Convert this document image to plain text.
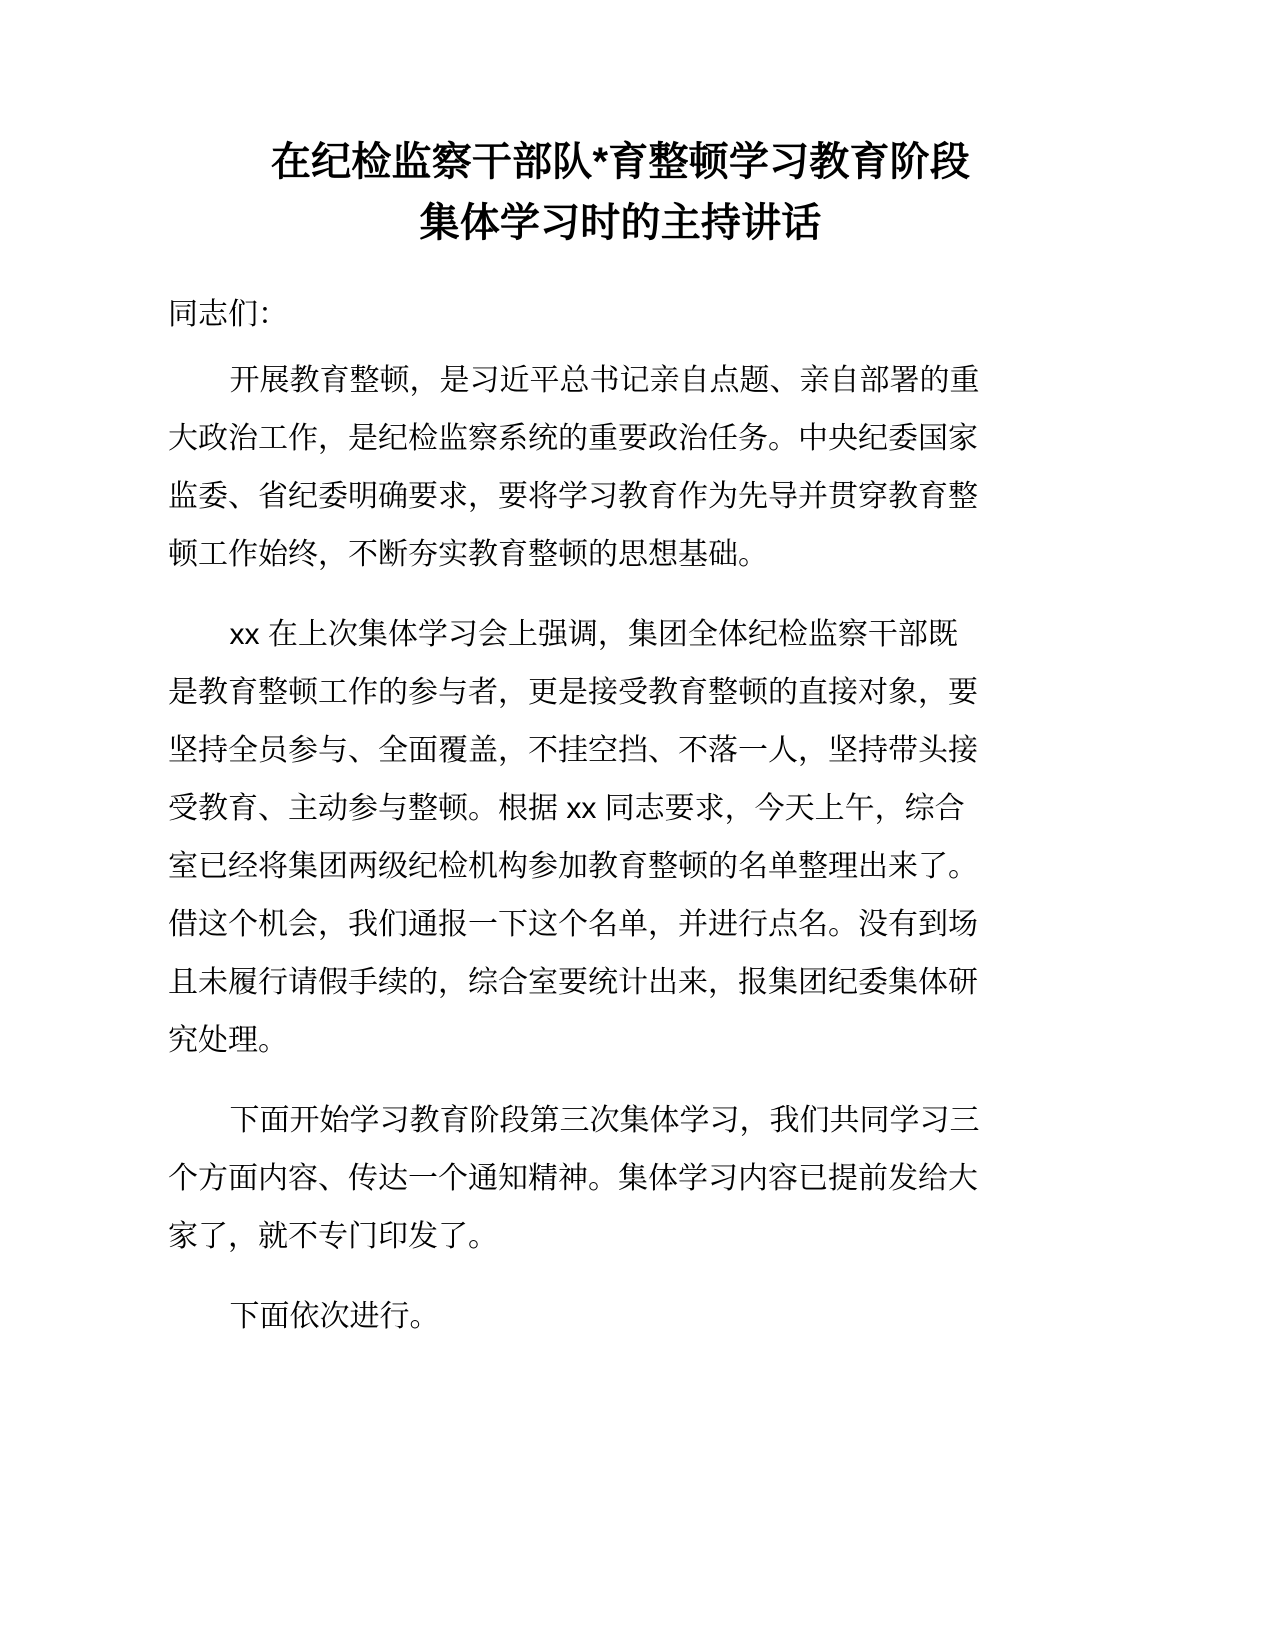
在纪检监察干部队*育整顿学习教育阶段
集体学习时的主持讲话

同志们：

开展教育整顿，是习近平总书记亲自点题、亲自部署的重
大政治工作，是纪检监察系统的重要政治任务。中央纪委国家
监委、省纪委明确要求，要将学习教育作为先导并贯穿教育整
顿工作始终，不断夯实教育整顿的思想基础。
xx 在上次集体学习会上强调，集团全体纪检监察干部既
是教育整顿工作的参与者，更是接受教育整顿的直接对象，要
坚持全员参与、全面覆盖，不挂空挡、不落一人，坚持带头接
受教育、主动参与整顿。根据 xx 同志要求，今天上午，综合
室已经将集团两级纪检机构参加教育整顿的名单整理出来了。
借这个机会，我们通报一下这个名单，并进行点名。没有到场
且未履行请假手续的，综合室要统计出来，报集团纪委集体研
究处理。
下面开始学习教育阶段第三次集体学习，我们共同学习三
个方面内容、传达一个通知精神。集体学习内容已提前发给大
家了，就不专门印发了。
下面依次进行。
